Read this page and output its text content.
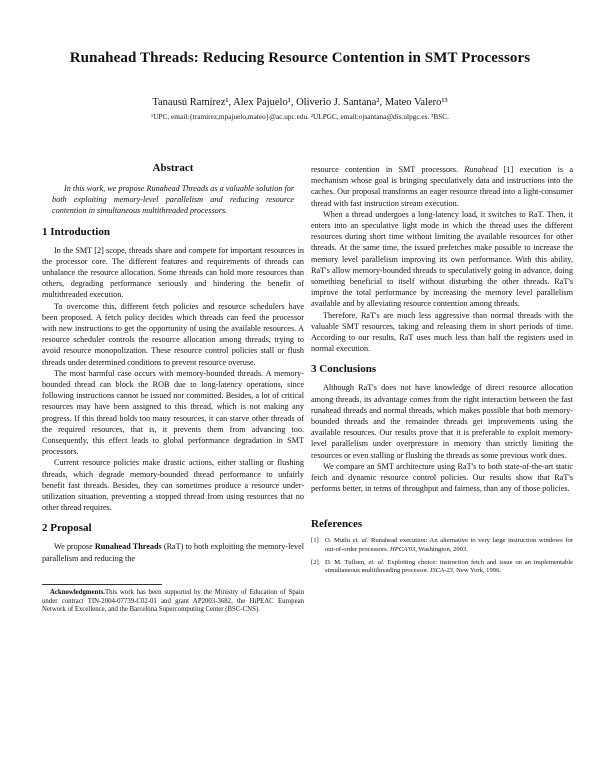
Runahead Threads: Reducing Resource Contention in SMT Processors
Tanausú Ramírez¹, Alex Pajuelo¹, Oliverio J. Santana², Mateo Valero¹³
¹UPC, email:{tramirez,mpajuelo,mateo}@ac.upc.edu. ²ULPGC, email:ojsantana@dis.ulpgc.es. ³BSC.
Abstract

In this work, we propose Runahead Threads as a valuable solution for both exploiting memory-level parallelism and reducing resource contention in simultaneous multithreaded processors.

1 Introduction

In the SMT [2] scope, threads share and compete for important resources in the processor core. The different features and requirements of threads can unbalance the resource allocation. Some threads can hold more resources than others, degrading performance seriously and hindering the benefit of multithreaded execution.

To overcome this, different fetch policies and resource schedulers have been proposed. A fetch policy decides which threads can feed the processor with new instructions to get the opportunity of using the available resources. A resource scheduler controls the resource allocation among threads, trying to avoid resource monopolization. These resource control policies stall or flush threads under determined conditions to prevent resource overuse.

The most harmful case occurs with memory-bounded threads. A memory-bounded thread can block the ROB due to long-latency operations, since following instructions cannot be issued nor committed. Besides, a lot of critical resources may have been assigned to this thread, which is not making any progress. If this thread holds too many resources, it can starve other threads of the required resources, that is, it prevents them from advancing too. Consequently, this effect leads to global performance degradation in SMT processors.

Current resource policies make drastic actions, either stalling or flushing threads, which degrade memory-bounded thread performance to unfairly benefit fast threads. Besides, they can sometimes produce a resource under-utilization situation, preventing a stopped thread from using resources that no other thread requires.

2 Proposal

We propose Runahead Threads (RaT) to both exploiting the memory-level parallelism and reducing the

Acknowledgments.This work has been supported by the Ministry of Education of Spain under contract TIN-2004-07739-C02-01 and grant AP2003-3682, the HiPEAC European Network of Excellence, and the Barcelona Supercomputing Center (BSC-CNS).

resource contention in SMT processors. Runahead [1] execution is a mechanism whose goal is bringing speculatively data and instructions into the caches. Our proposal transforms an eager resource thread into a light-consumer thread with fast instruction stream execution.

When a thread undergoes a long-latency load, it switches to RaT. Then, it enters into an speculative light mode in which the thread uses the different resources during short time without limiting the available resources for other threads. At the same time, the issued prefetches make possible to increase the memory level parallelism improving its own performance. With this ability, RaT's allow memory-bounded threads to speculatively going in advance, doing something beneficial to itself without disturbing the other threads. RaT's improve the total performance by increasing the memory level parallelism available and by alleviating resource contention among threads.

Therefore, RaT's are much less aggressive than normal threads with the valuable SMT resources, taking and releasing them in short periods of time. According to our results, RaT uses much less than half the registers used in normal execution.

3 Conclusions

Although RaT's does not have knowledge of direct resource allocation among threads, its advantage comes from the right interaction between the fast runahead threads and normal threads, which makes possible that both memory-bounded threads and the remainder threads get improvements using the available resources. Our results prove that it is preferable to exploit memory-level parallelism under overpressure in memory than strictly limiting the resources or even stalling or flushing the threads as some previous work does.

We compare an SMT architecture using RaT's to both state-of-the-art static fetch and dynamic resource control policies. Our results show that RaT's performs better, in terms of throughput and fairness, than any of those policies.

References
[1] O. Mutlu et. al. Runahead execution: An alternative to very large instruction windows for out-of-order processors. HPCA'03, Washington, 2003.
[2] D. M. Tullsen, et. al. Exploiting choice: instruction fetch and issue on an implementable simultaneous multithreading processor. ISCA-23, New York, 1996.
